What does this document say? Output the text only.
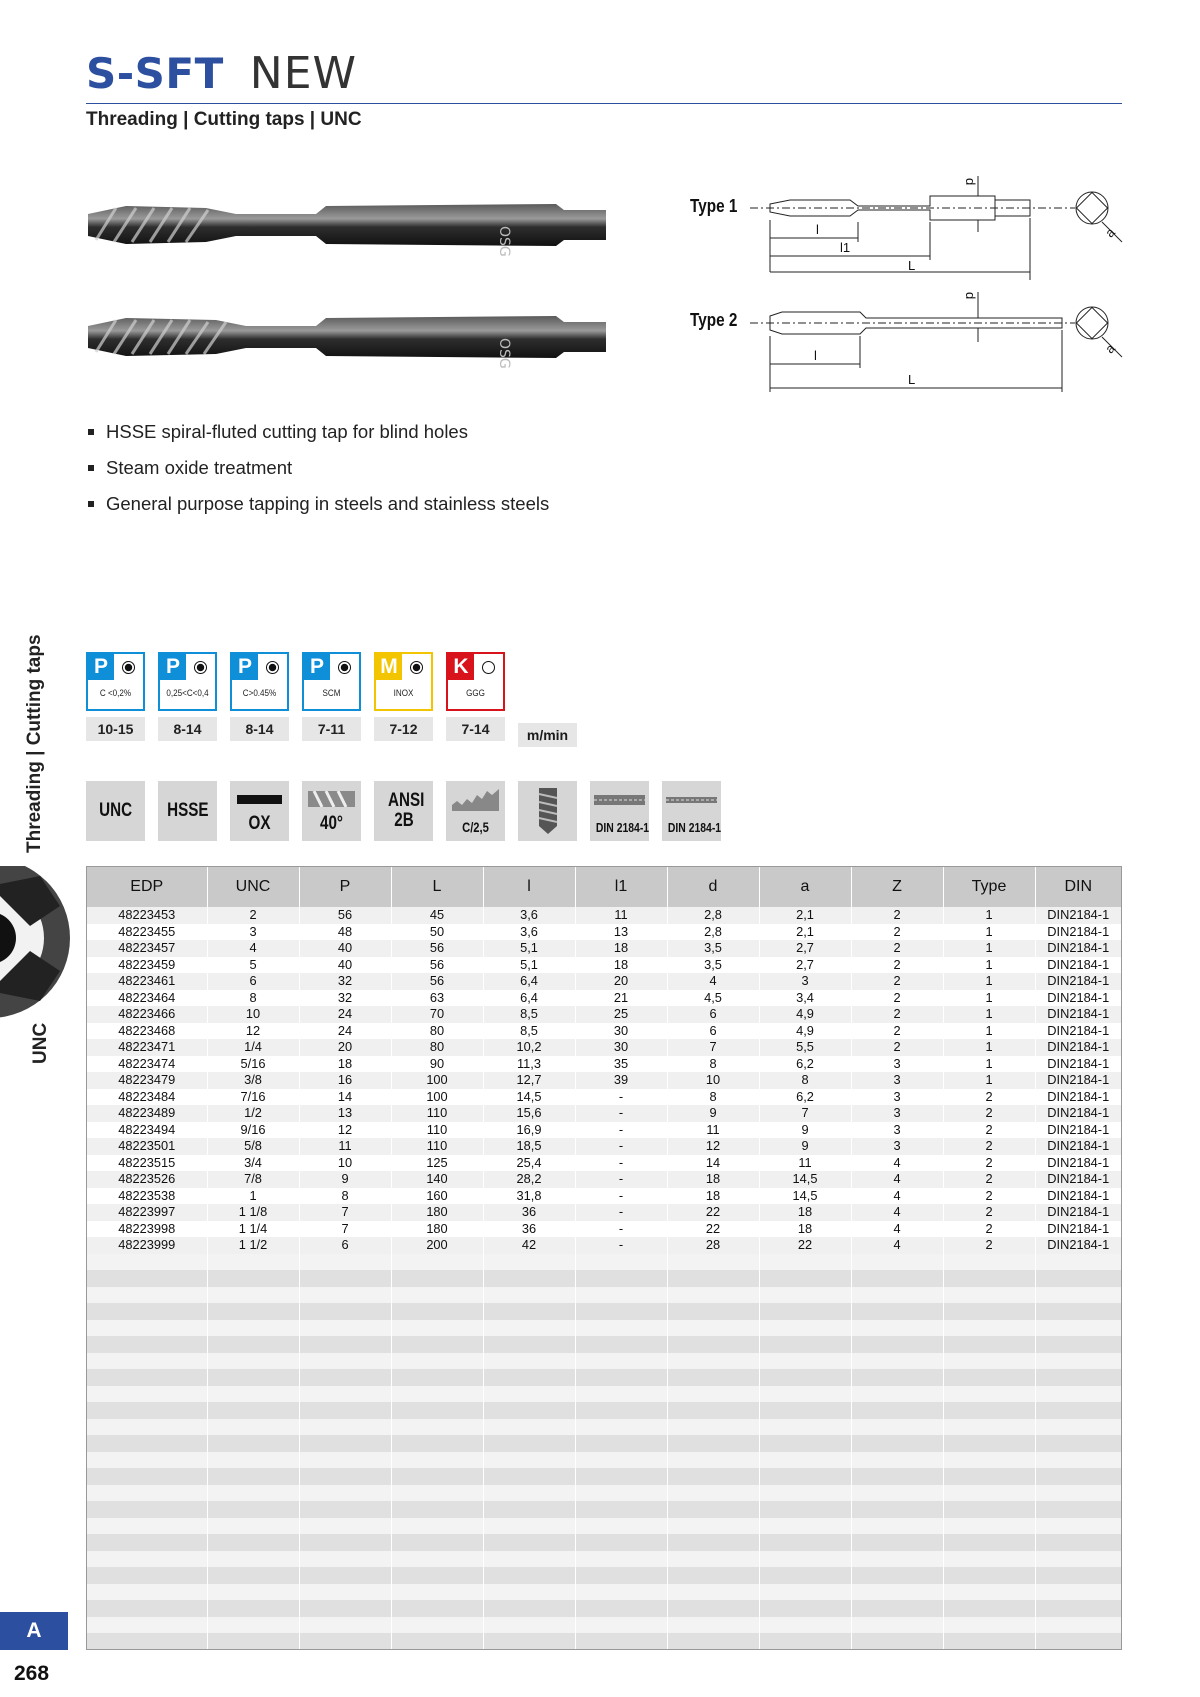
S-SFT NEW
Threading | Cutting taps | UNC
OSG
OSG
Type 1
Type 2
d
l
l1
L
a
d
l
L
a
HSSE spiral-fluted cutting tap for blind holes
Steam oxide treatment
General purpose tapping in steels and stainless steels
Threading | Cutting taps
UNC
P
C <0,2%
10-15
P
0,25<C<0,4
8-14
P
C>0.45%
8-14
P
SCM
7-11
M
INOX
7-12
K
GGG
7-14	m/min
UNC HSSE
OX	40°
ANSI 2B	C/2,5	DIN 2184-1 DIN 2184-1
EDP	UNC	P	L	l	l1	d	a	Z	Type	DIN
48223453	2	56	45	3,6	11	2,8	2,1	2	1	DIN2184-1
48223455	3	48	50	3,6	13	2,8	2,1	2	1	DIN2184-1
48223457	4	40	56	5,1	18	3,5	2,7	2	1	DIN2184-1
48223459	5	40	56	5,1	18	3,5	2,7	2	1	DIN2184-1
48223461	6	32	56	6,4	20	4	3	2	1	DIN2184-1
48223464	8	32	63	6,4	21	4,5	3,4	2	1	DIN2184-1
48223466	10	24	70	8,5	25	6	4,9	2	1	DIN2184-1
48223468	12	24	80	8,5	30	6	4,9	2	1	DIN2184-1
48223471	1/4	20	80	10,2	30	7	5,5	2	1	DIN2184-1
48223474	5/16	18	90	11,3	35	8	6,2	3	1	DIN2184-1
48223479	3/8	16	100	12,7	39	10	8	3	1	DIN2184-1
48223484	7/16	14	100	14,5	-	8	6,2	3	2	DIN2184-1
48223489	1/2	13	110	15,6	-	9	7	3	2	DIN2184-1
48223494	9/16	12	110	16,9	-	11	9	3	2	DIN2184-1
48223501	5/8	11	110	18,5	-	12	9	3	2	DIN2184-1
48223515	3/4	10	125	25,4	-	14	11	4	2	DIN2184-1
48223526	7/8	9	140	28,2	-	18	14,5	4	2	DIN2184-1
48223538	1	8	160	31,8	-	18	14,5	4	2	DIN2184-1
48223997	1 1/8	7	180	36	-	22	18	4	2	DIN2184-1
48223998	1 1/4	7	180	36	-	22	18	4	2	DIN2184-1
48223999	1 1/2	6	200	42	-	28	22	4	2	DIN2184-1

A
268
